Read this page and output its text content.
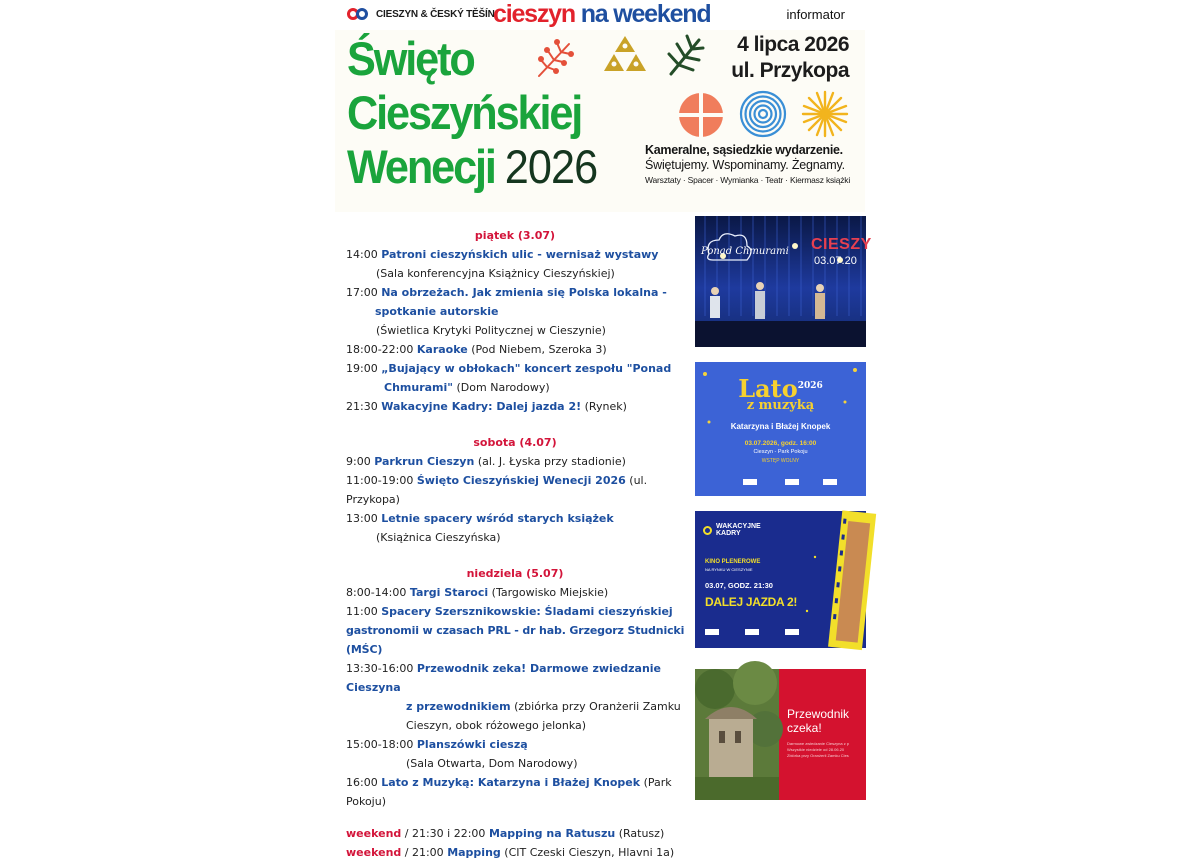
CIESZYN & ČESKÝ TĚŠÍN
cieszyn na weekend	informator
Święto
Cieszyńskiej
Wenecji 2026
4 lipca 2026
ul. Przykopa
Kameralne, sąsiedzkie wydarzenie.
Świętujemy. Wspominamy. Żegnamy.
Warsztaty · Spacer · Wymianka · Teatr · Kiermasz książki
piątek (3.07)
14:00 Patroni cieszyńskich ulic - wernisaż wystawy
(Sala konferencyjna Książnicy Cieszyńskiej)
17:00 Na obrzeżach. Jak zmienia się Polska lokalna -
spotkanie autorskie
(Świetlica Krytyki Politycznej w Cieszynie)
18:00-22:00 Karaoke (Pod Niebem, Szeroka 3)
19:00 „Bujający w obłokach" koncert zespołu "Ponad
Chmurami" (Dom Narodowy)
21:30 Wakacyjne Kadry: Dalej jazda 2! (Rynek)
sobota (4.07)
9:00 Parkrun Cieszyn (al. J. Łyska przy stadionie)
11:00-19:00 Święto Cieszyńskiej Wenecji 2026 (ul. Przykopa)
13:00 Letnie spacery wśród starych książek
(Książnica Cieszyńska)
niedziela (5.07)
8:00-14:00 Targi Staroci (Targowisko Miejskie)
11:00 Spacery Szersznikowskie: Śladami cieszyńskiej
gastronomii w czasach PRL - dr hab. Grzegorz Studnicki (MŚC)
13:30-16:00 Przewodnik zeka! Darmowe zwiedzanie Cieszyna
z przewodnikiem (zbiórka przy Oranżerii Zamku
Cieszyn, obok różowego jelonka)
15:00-18:00 Planszówki cieszą
(Sala Otwarta, Dom Narodowy)
16:00 Lato z Muzyką: Katarzyna i Błażej Knopek (Park Pokoju)
weekend / 21:30 i 22:00 Mapping na Ratuszu (Ratusz)
weekend / 21:00 Mapping (CIT Czeski Cieszyn, Hlavni 1a)
Ponad Chmurami CIESZY
03.07.20
Lato$^{2026}$
z muzyką
Katarzyna i Błażej Knopek
03.07.2026, godz. 16:00
Cieszyn - Park Pokoju
WSTĘP WOLNY
WAKACYJNE KADRY
KINO PLENEROWE
NA RYNKU W CIESZYNIE
03.07, GODZ. 21:30
DALEJ JAZDA 2!
Przewodnik czeka!
Darmowe zwiedzanie Cieszyna z p
Wszystkie niedziele od 28.06.20
Zbiórka przy Oranżerii Zamku Cies
